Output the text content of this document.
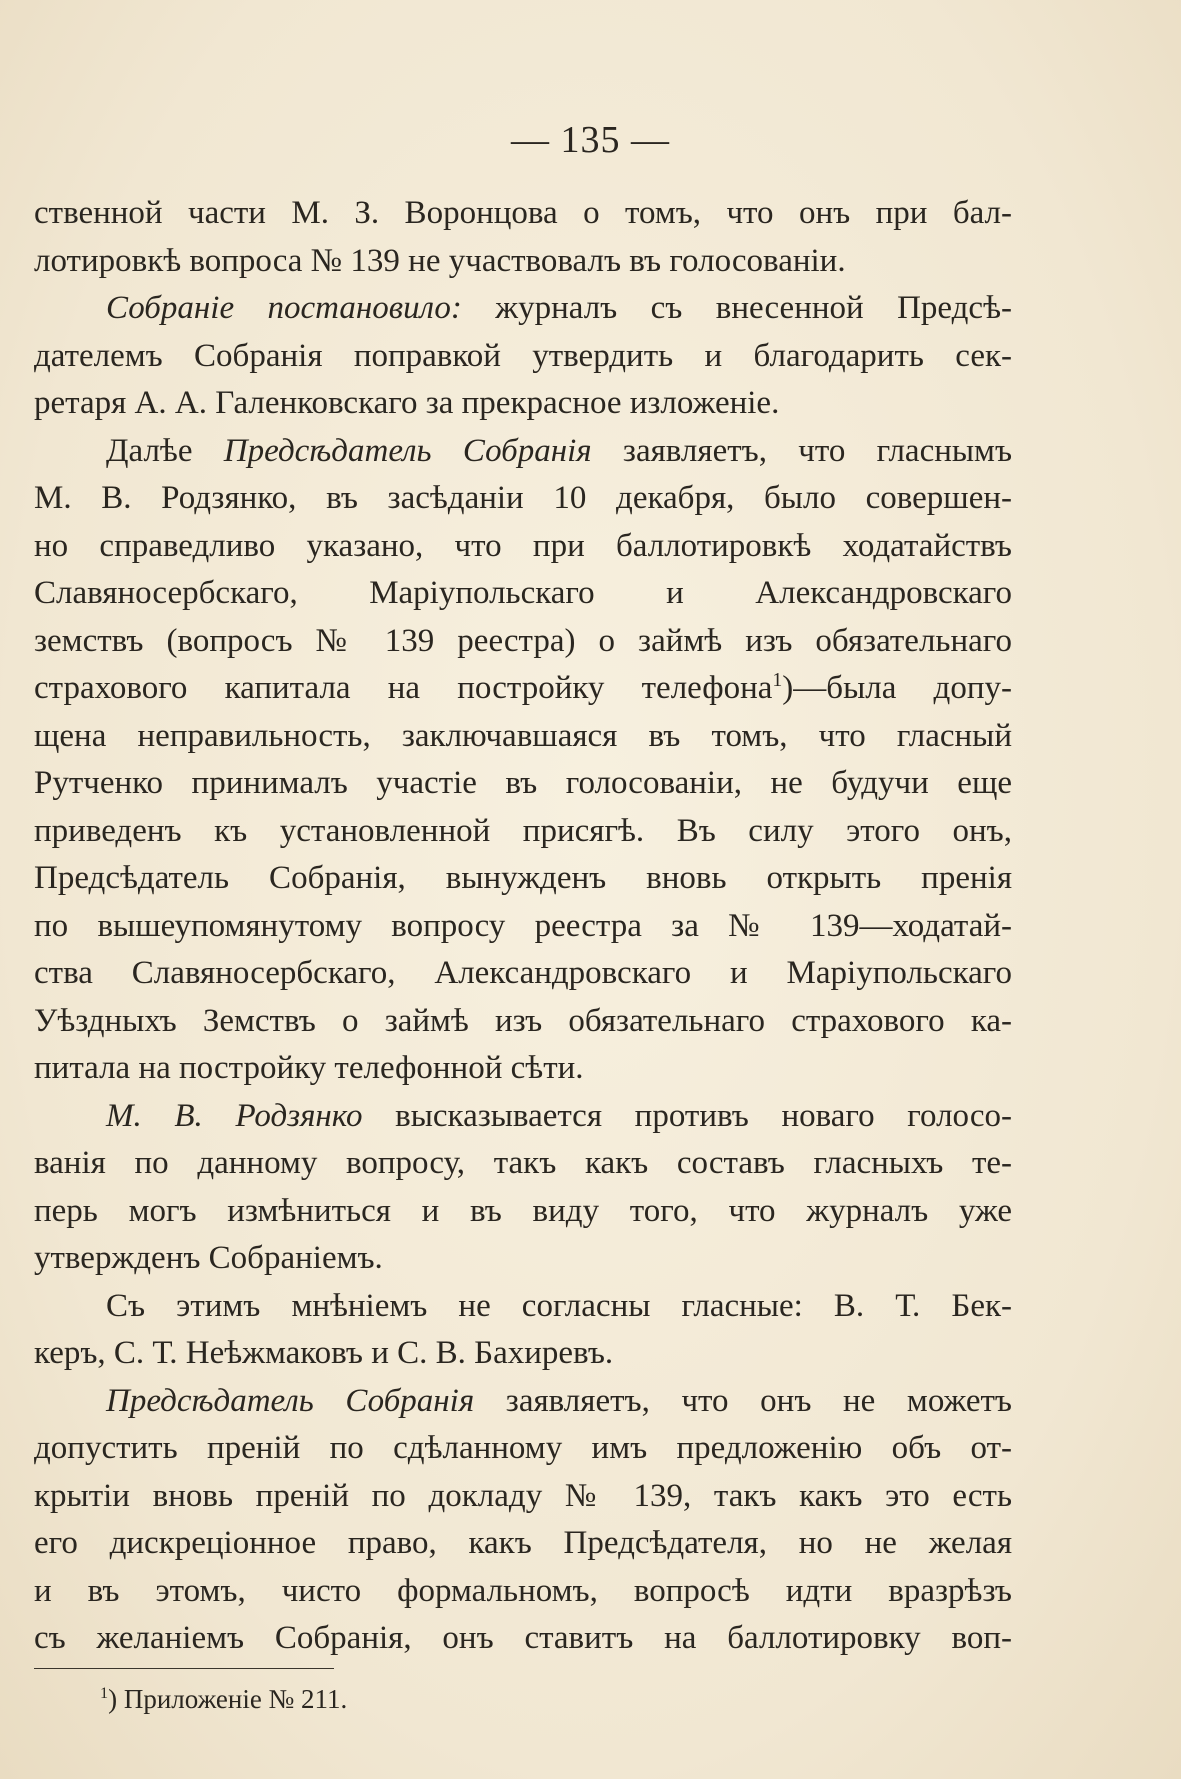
— 135 —
ственной части М. З. Воронцова о томъ, что онъ при бал-
лотировкѣ вопроса № 139 не участвовалъ въ голосованіи.
Собраніе постановило: журналъ съ внесенной Предсѣ-
дателемъ Собранія поправкой утвердить и благодарить сек-
ретаря А. А. Галенковскаго за прекрасное изложеніе.
Далѣе Предсѣдатель Собранія заявляетъ, что гласнымъ
М. В. Родзянко, въ засѣданіи 10 декабря, было совершен-
но справедливо указано, что при баллотировкѣ ходатайствъ
Славяносербскаго, Маріупольскаго и Александровскаго
земствъ (вопросъ № 139 реестра) о займѣ изъ обязательнаго
страхового капитала на постройку телефона$^1$)—была допу-
щена неправильность, заключавшаяся въ томъ, что гласный
Рутченко принималъ участіе въ голосованіи, не будучи еще
приведенъ къ установленной присягѣ. Въ силу этого онъ,
Предсѣдатель Собранія, вынужденъ вновь открыть пренія
по вышеупомянутому вопросу реестра за № 139—ходатай-
ства Славяносербскаго, Александровскаго и Маріупольскаго
Уѣздныхъ Земствъ о займѣ изъ обязательнаго страхового ка-
питала на постройку телефонной сѣти.
М. В. Родзянко высказывается противъ новаго голосо-
ванія по данному вопросу, такъ какъ составъ гласныхъ те-
перь могъ измѣниться и въ виду того, что журналъ уже
утвержденъ Собраніемъ.
Съ этимъ мнѣніемъ не согласны гласные: В. Т. Бек-
керъ, С. Т. Неѣжмаковъ и С. В. Бахиревъ.
Предсѣдатель Собранія заявляетъ, что онъ не можетъ
допустить преній по сдѣланному имъ предложенію объ от-
крытіи вновь преній по докладу № 139, такъ какъ это есть
его дискреціонное право, какъ Предсѣдателя, но не желая
и въ этомъ, чисто формальномъ, вопросѣ идти вразрѣзъ
съ желаніемъ Собранія, онъ ставитъ на баллотировку воп-
$^1$) Приложеніе № 211.
